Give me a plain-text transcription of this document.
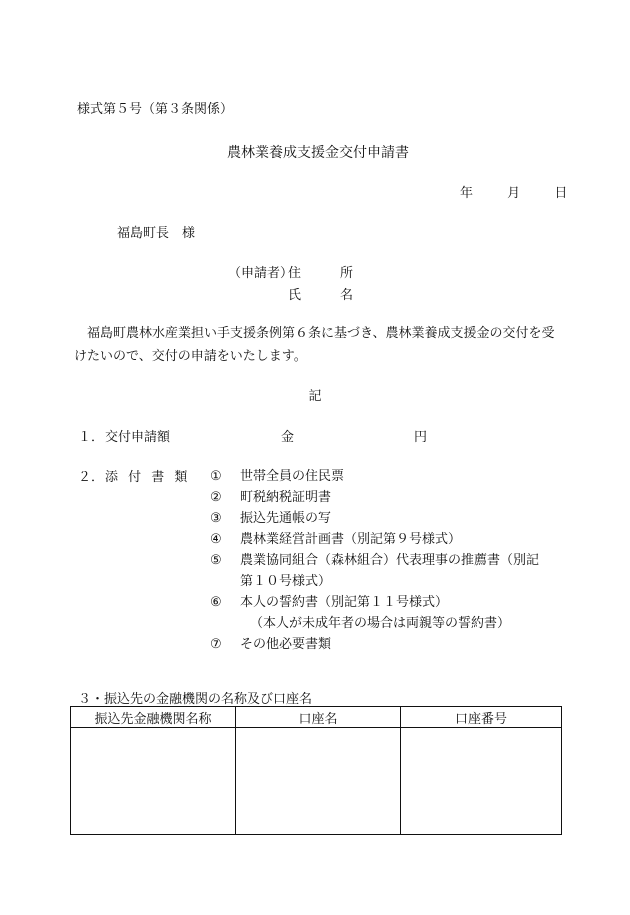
様式第５号（第３条関係）
農林業養成支援金交付申請書
年	月	日
福島町長　様
（申請者）
住　　　所
氏　　　名
　福島町農林水産業担い手支援条例第６条に基づき、農林業養成支援金の交付を受けたいので、交付の申請をいたします。
記
１． 交付申請額	金	円
２． 添 付 書 類 ①	世帯全員の住民票
②	町税納税証明書
③	振込先通帳の写
④	農林業経営計画書（別記第９号様式）
⑤	農業協同組合（森林組合）代表理事の推薦書（別記
第１０号様式）
⑥	本人の誓約書（別記第１１号様式）
（本人が未成年者の場合は両親等の誓約書）
⑦	その他必要書類
３・振込先の金融機関の名称及び口座名
振込先金融機関名称	口座名	口座番号
